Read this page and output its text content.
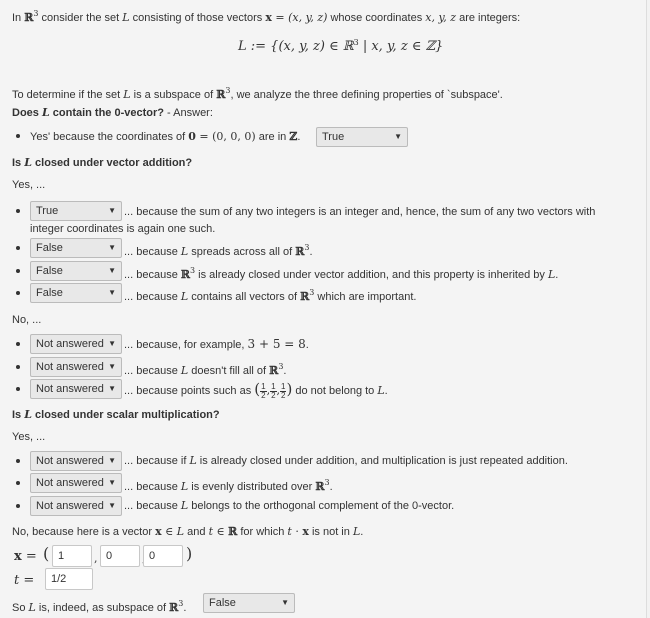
In ℝ$^3$ consider the set L consisting of those vectors x = (x, y, z) whose coordinates x, y, z are integers:
L := {(x, y, z) ∈ ℝ$^3$ | x, y, z ∈ ℤ}
To determine if the set L is a subspace of ℝ$^3$, we analyze the three defining properties of `subspace'.
Does L contain the 0-vector? - Answer:
Yes' because the coordinates of 0 = (0, 0, 0) are in ℤ.	True	▼
Is L closed under vector addition?
Yes, ...
True	▼ ... because the sum of any two integers is an integer and, hence, the sum of any two vectors with
integer coordinates is again one such.
False	▼ ... because L spreads across all of ℝ$^3$.
False	▼ ... because ℝ$^3$ is already closed under vector addition, and this property is inherited by L.
False	▼ ... because L contains all vectors of ℝ$^3$ which are important.
No, ...
Not answered ▼ ... because, for example, 3 + 5 = 8.
Not answered ▼ ... because L doesn't fill all of ℝ$^3$.
Not answered ▼ ... because points such as ( $\frac{1}{2}$ , $\frac{1}{2}$ , $\frac{1}{2}$ ) do not belong to L.
Is L closed under scalar multiplication?
Yes, ...
Not answered ▼ ... because if L is already closed under addition, and multiplication is just repeated addition.
Not answered ▼ ... because L is evenly distributed over ℝ$^3$.
Not answered ▼ ... because L belongs to the orthogonal complement of the 0-vector.
No, because here is a vector x ∈ L and t ∈ ℝ for which t · x is not in L.
x = ( 1	, 0	0	)
t =	1/2
So L is, indeed, as subspace of ℝ$^3$.	False	▼
